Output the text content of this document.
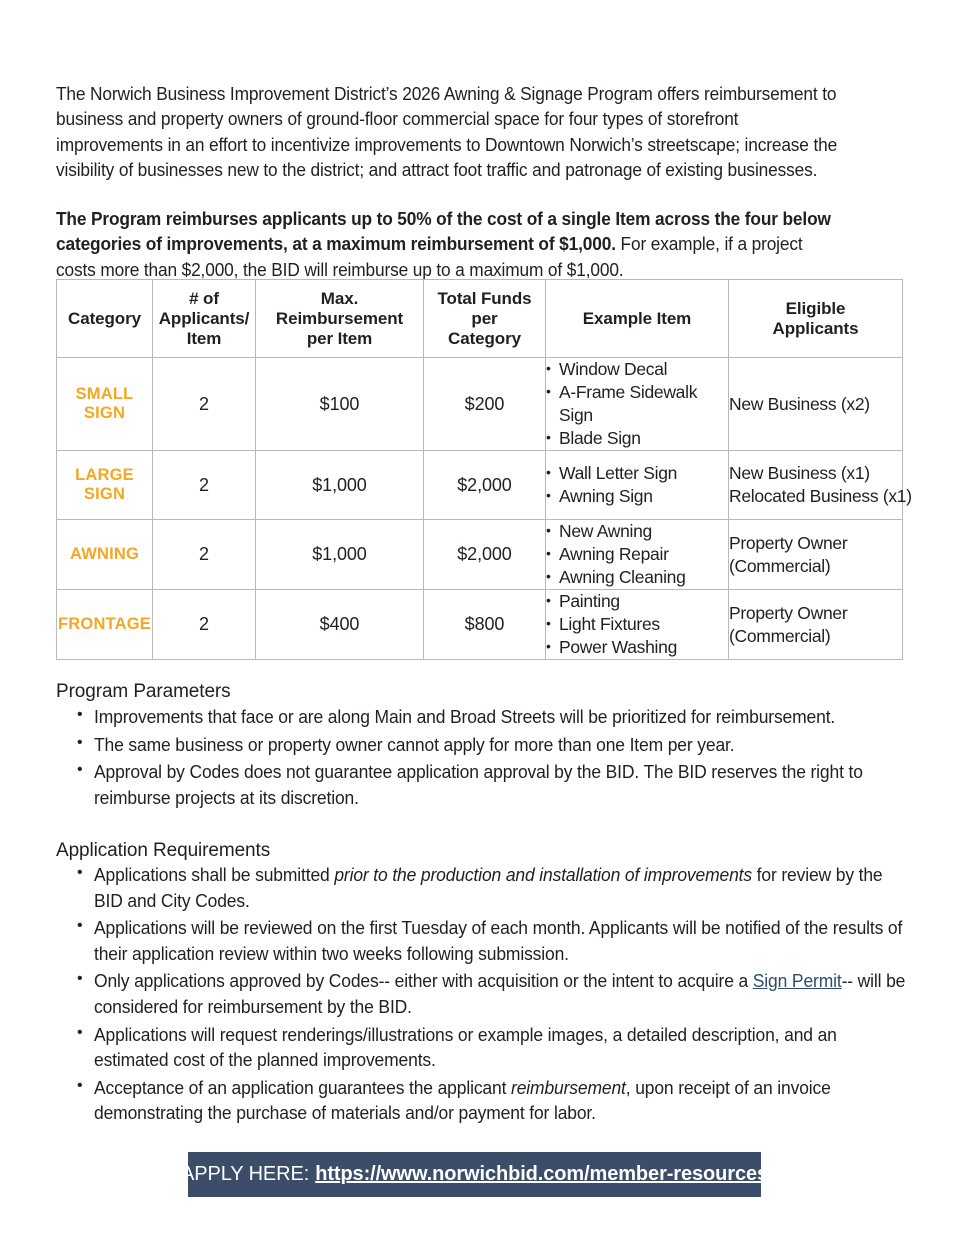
The Norwich Business Improvement District’s 2026 Awning & Signage Program offers reimbursement to business and property owners of ground-floor commercial space for four types of storefront improvements in an effort to incentivize improvements to Downtown Norwich’s streetscape; increase the visibility of businesses new to the district; and attract foot traffic and patronage of existing businesses.

The Program reimburses applicants up to 50% of the cost of a single Item across the four below categories of improvements, at a maximum reimbursement of $1,000. For example, if a project costs more than $2,000, the BID will reimburse up to a maximum of $1,000.

Category

# of
Applicants/
Item

Max. Reimbursement
per Item

Total Funds per
Category

Example Item

Eligible
Applicants

SMALL SIGN	2	$100	$200	
• Window Decal
• A-Frame Sidewalk Sign
• Blade Sign

New Business (x2)

LARGE SIGN	2	$1,000	$2,000	
• Wall Letter Sign
• Awning Sign

New Business (x1)
Relocated Business (x1)

AWNING	2	$1,000	$2,000	
• New Awning
• Awning Repair
• Awning Cleaning

Property Owner
(Commercial)

FRONTAGE	2	$400	$800	
• Painting
• Light Fixtures
• Power Washing

Property Owner
(Commercial)
Program Parameters
• Improvements that face or are along Main and Broad Streets will be prioritized for reimbursement.
• The same business or property owner cannot apply for more than one Item per year.
• Approval by Codes does not guarantee application approval by the BID. The BID reserves the right to reimburse projects at its discretion.
Application Requirements
• Applications shall be submitted prior to the production and installation of improvements for review by the BID and City Codes.
• Applications will be reviewed on the first Tuesday of each month. Applicants will be notified of the results of their application review within two weeks following submission.
• Only applications approved by Codes-- either with acquisition or the intent to acquire a Sign Permit-- will be considered for reimbursement by the BID.
• Applications will request renderings/illustrations or example images, a detailed description, and an estimated cost of the planned improvements.
• Acceptance of an application guarantees the applicant reimbursement, upon receipt of an invoice demonstrating the purchase of materials and/or payment for labor.
APPLY HERE: https://www.norwichbid.com/member-resources
